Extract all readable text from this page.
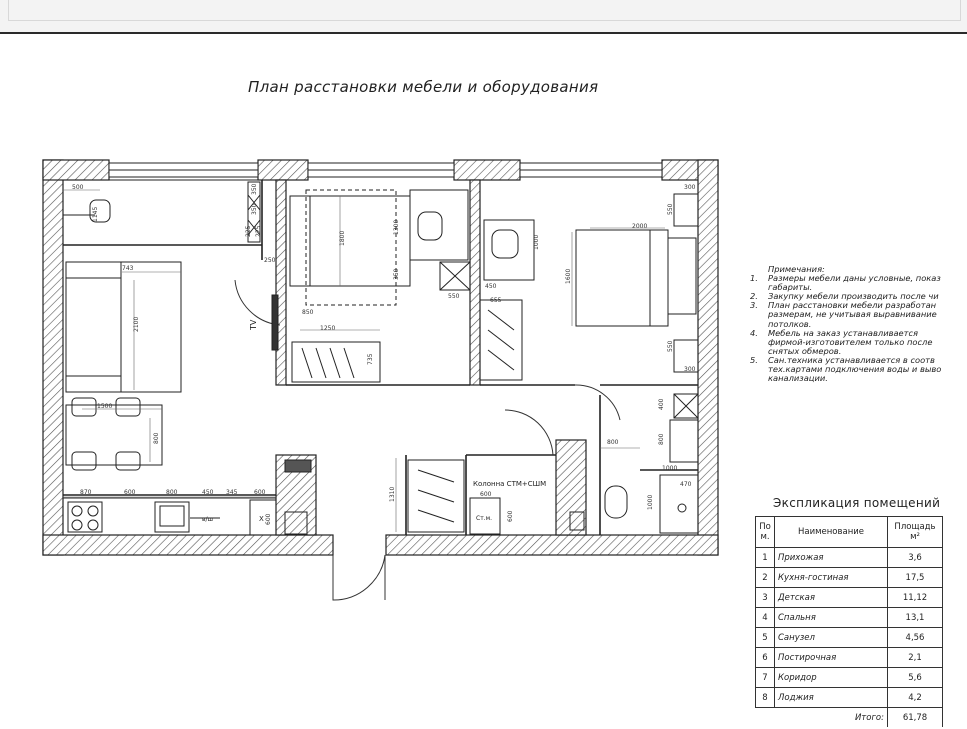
План расстановки мебели и оборудования
500
1145
350
350
225 225
250
743
2100
1800
1300
350
850
1250
735
450
550
655
1000
2000
1600
300
550
550
300
400
800
1000
470
800
1000
1500
800
870	600	800	450 345	600
600
1310	600
600
TV
Колонна СТМ+СШМ
Ст.м.
в/ш	Х
Примечания:
1.	Размеры мебели даны условные, показ
габариты.
2.	Закупку мебели производить после чи
3.	План расстановки мебели разработан
размерам, не учитывая выравнивание
потолков.
4.	Мебель на заказ устанавливается
фирмой-изготовителем только после
снятых обмеров.
5.	Сан.техника устанавливается в соотв
тех.картами подключения воды и выво
канализации.
Экспликация помещений
По м.	Наименование	Площадь м²
1	Прихожая	3,6
2	Кухня-гостиная	17,5
3	Детская	11,12
4	Спальня	13,1
5	Санузел	4,56
6	Постирочная	2,1
7	Коридор	5,6
8	Лоджия	4,2
Итого:		61,78
